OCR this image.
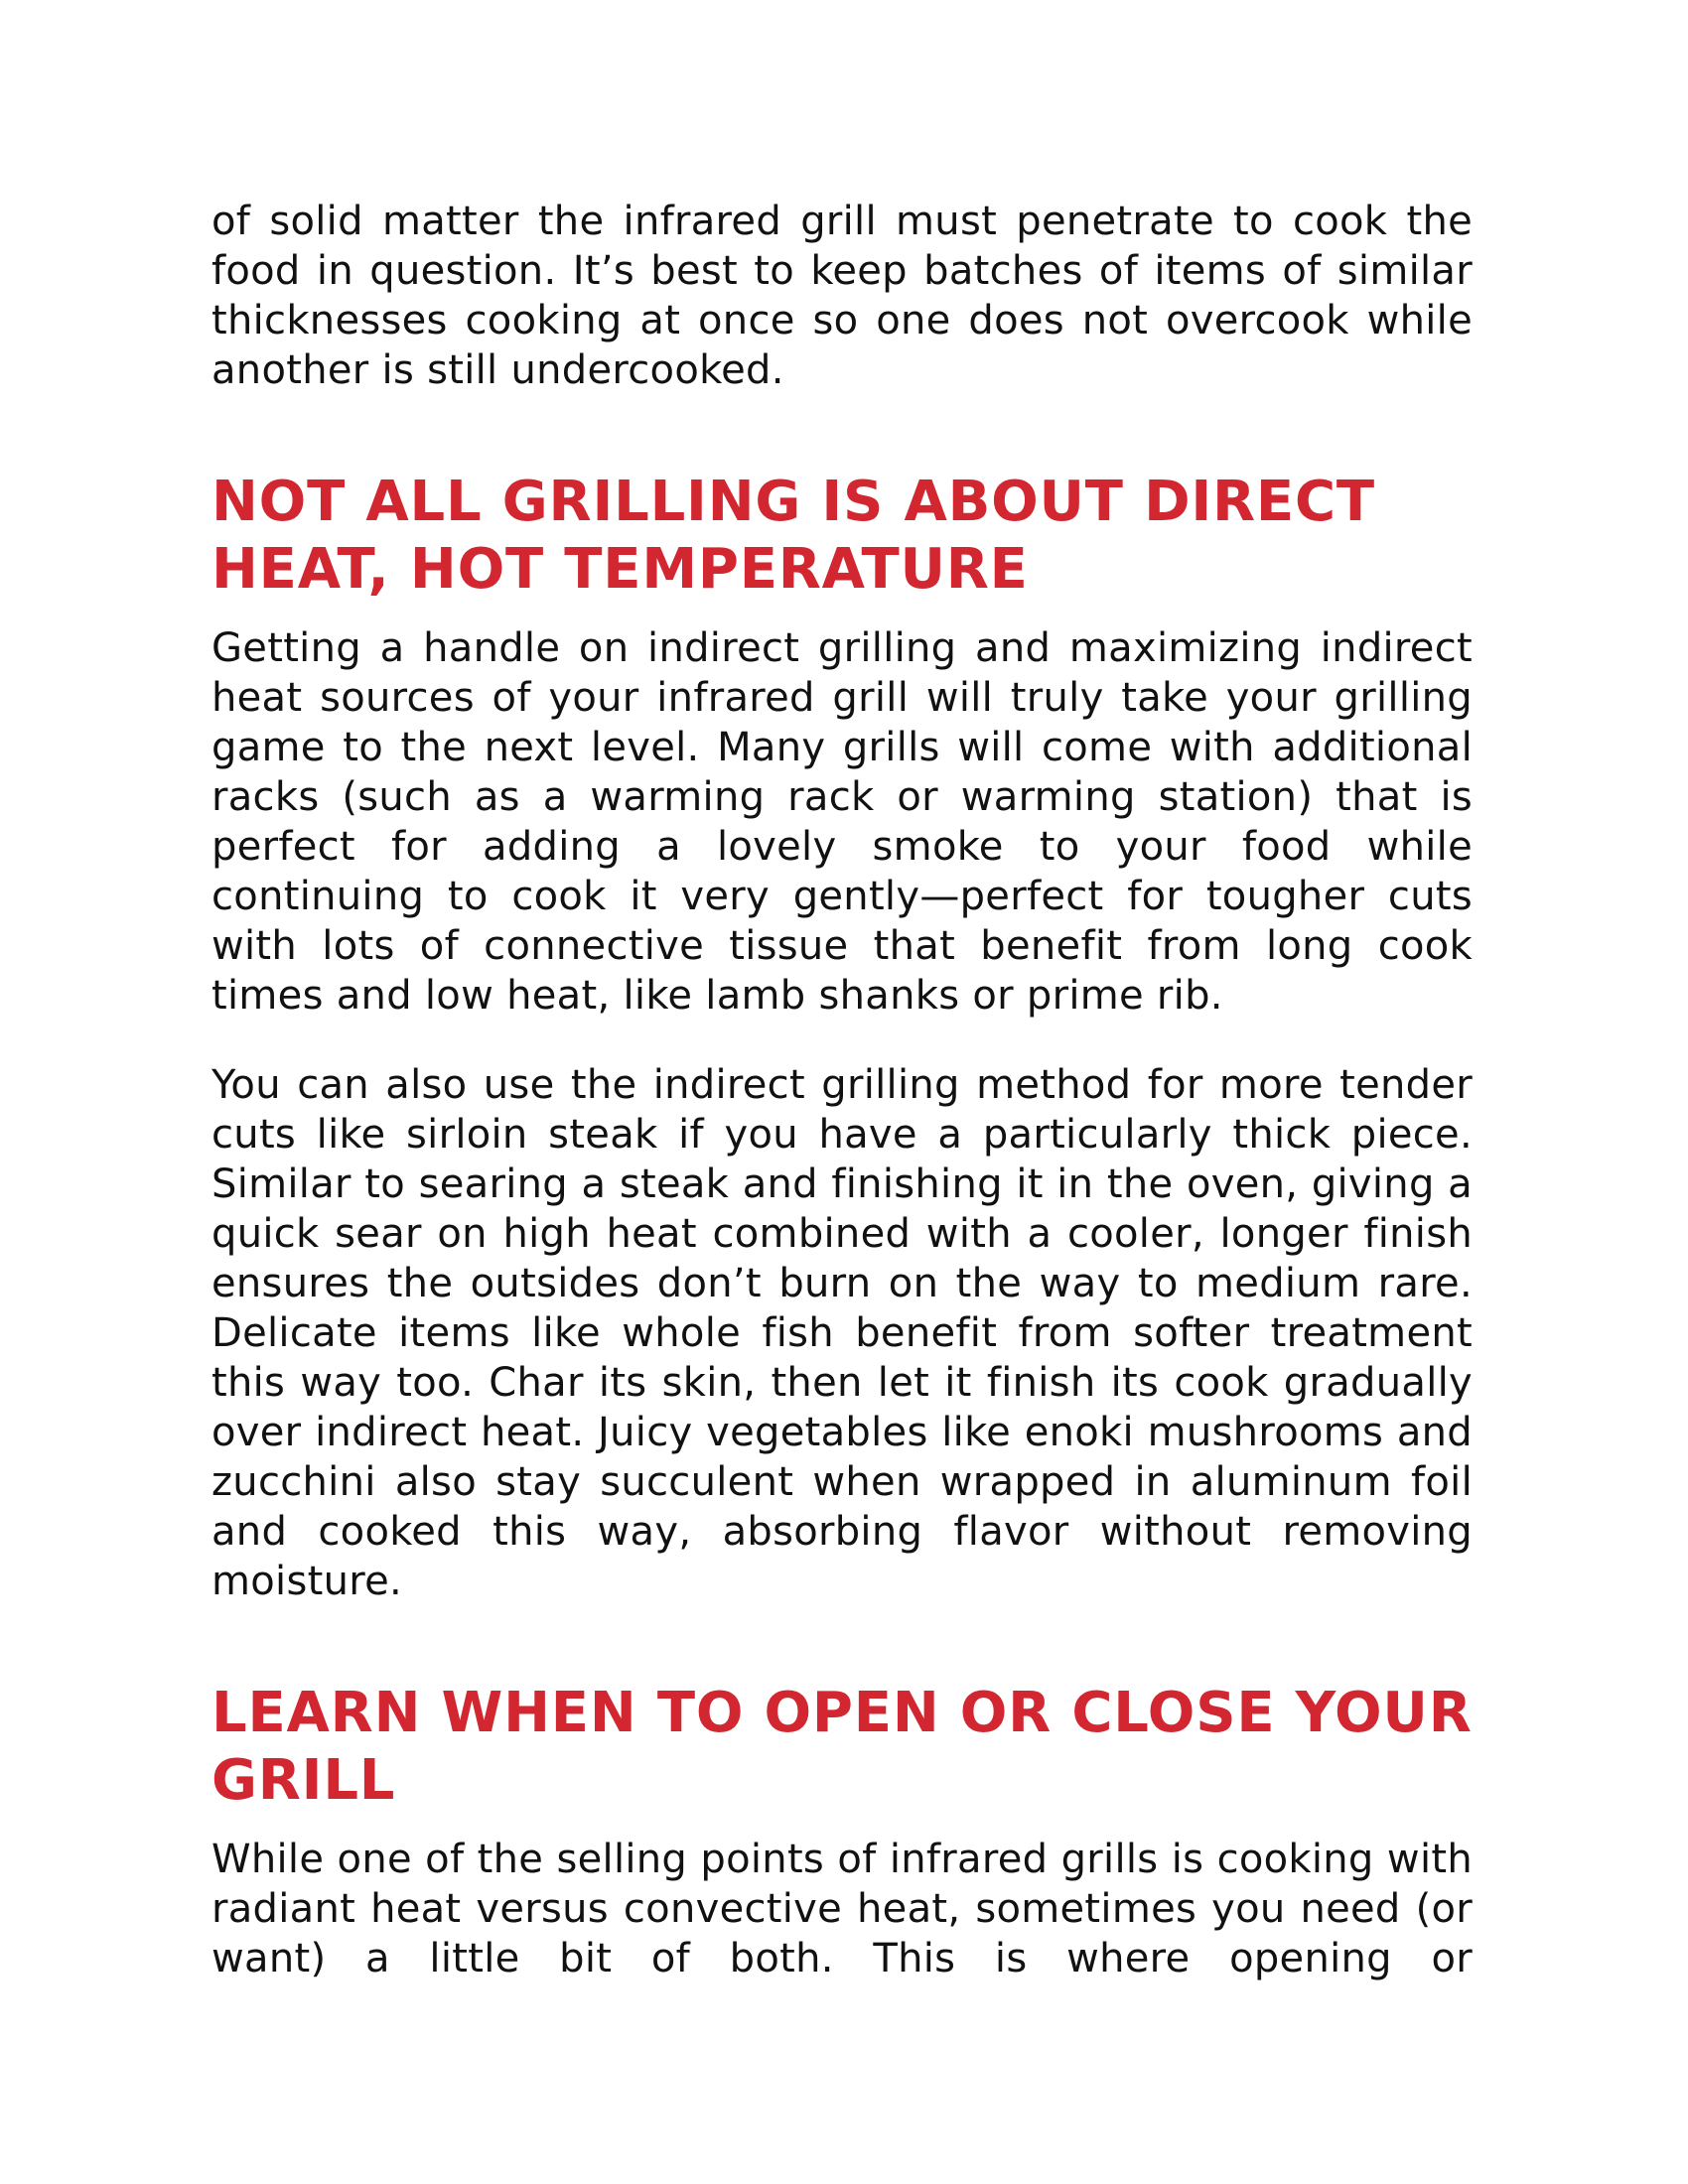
of solid matter the infrared grill must penetrate to cook the food in question. It’s best to keep batches of items of similar thicknesses cooking at once so one does not overcook while another is still undercooked.

NOT ALL GRILLING IS ABOUT DIRECT HEAT, HOT TEMPERATURE

Getting a handle on indirect grilling and maximizing indirect heat sources of your infrared grill will truly take your grilling game to the next level. Many grills will come with additional racks (such as a warming rack or warming station) that is perfect for adding a lovely smoke to your food while continuing to cook it very gently—perfect for tougher cuts with lots of connective tissue that benefit from long cook times and low heat, like lamb shanks or prime rib.

You can also use the indirect grilling method for more tender cuts like sirloin steak if you have a particularly thick piece. Similar to searing a steak and finishing it in the oven, giving a quick sear on high heat combined with a cooler, longer finish ensures the outsides don’t burn on the way to medium rare. Delicate items like whole fish benefit from softer treatment this way too. Char its skin, then let it finish its cook gradually over indirect heat. Juicy vegetables like enoki mushrooms and zucchini also stay succulent when wrapped in aluminum foil and cooked this way, absorbing flavor without removing moisture.

LEARN WHEN TO OPEN OR CLOSE YOUR GRILL

While one of the selling points of infrared grills is cooking with radiant heat versus convective heat, sometimes you need (or want) a little bit of both. This is where opening or
